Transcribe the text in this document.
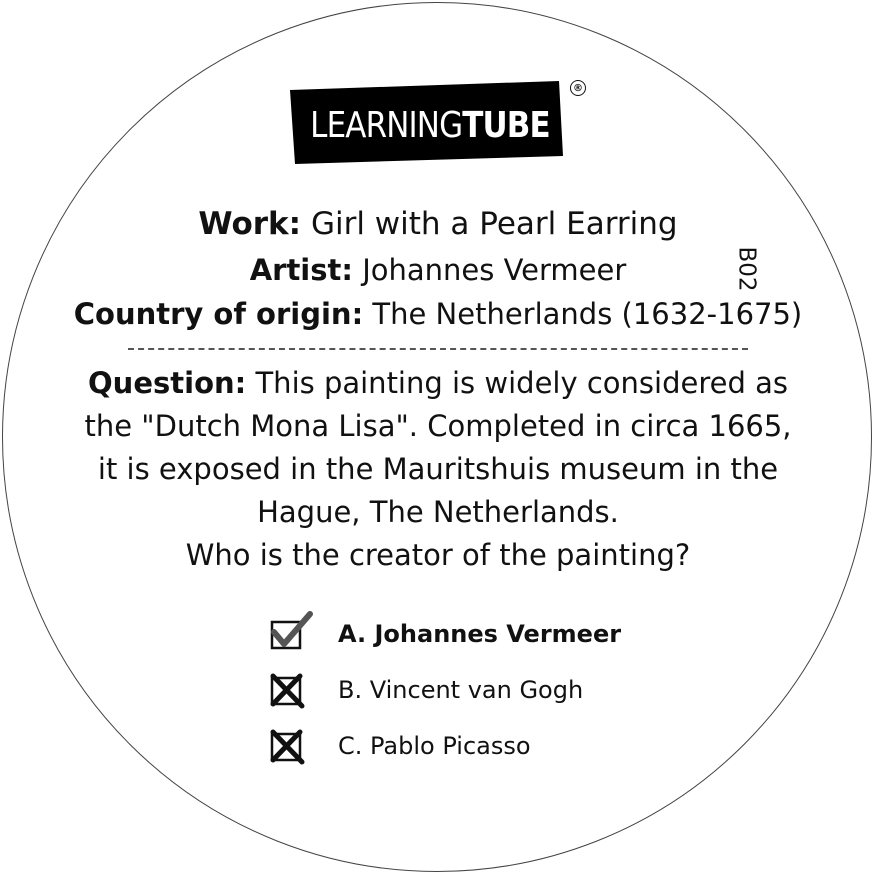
LEARNING TUBE
®
B02
Work: Girl with a Pearl Earring
Artist: Johannes Vermeer
Country of origin: The Netherlands (1632-1675)
Question: This painting is widely considered as
the "Dutch Mona Lisa". Completed in circa 1665,
it is exposed in the Mauritshuis museum in the
Hague, The Netherlands.
Who is the creator of the painting?
A. Johannes Vermeer
B. Vincent van Gogh
C. Pablo Picasso
